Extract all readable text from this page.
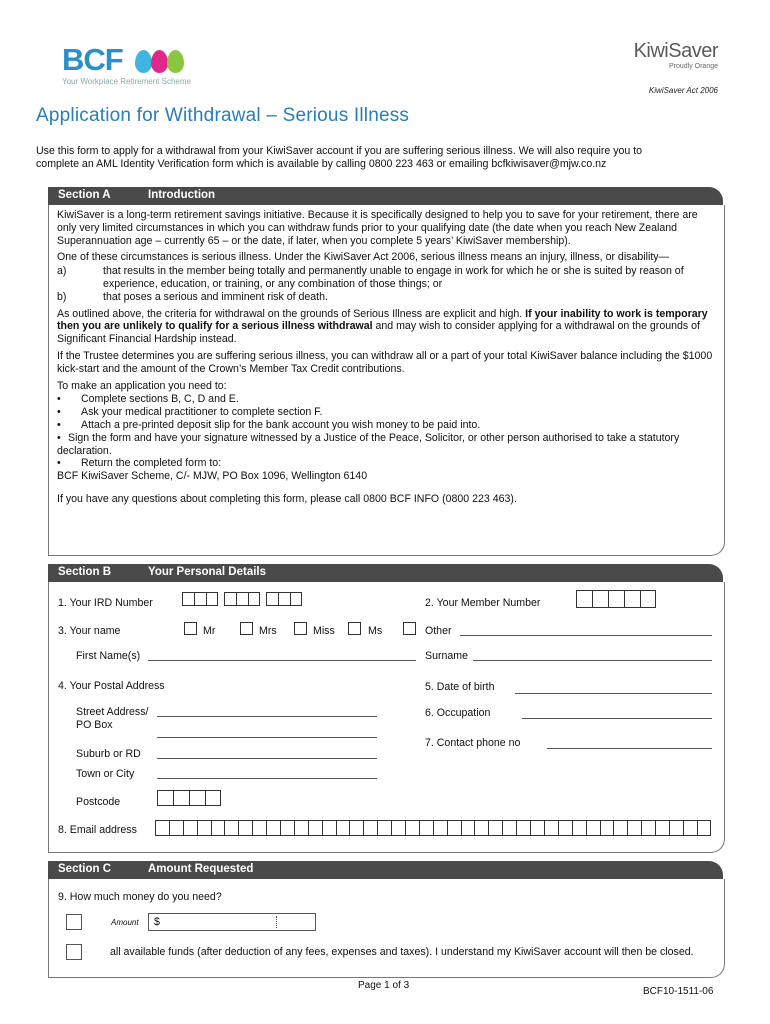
BCF
Your Workplace Retirement Scheme
KiwiSaver
Proudly Orange
KiwiSaver Act 2006
Application for Withdrawal – Serious Illness
Use this form to apply for a withdrawal from your KiwiSaver account if you are suffering serious illness. We will also require you to
complete an AML Identity Verification form which is available by calling 0800 223 463 or emailing bcfkiwisaver@mjw.co.nz
Section A	Introduction

KiwiSaver is a long-term retirement savings initiative. Because it is specifically designed to help you to save for your retirement, there are only very limited circumstances in which you can withdraw funds prior to your qualifying date (the date when you reach New Zealand Superannuation age – currently 65 – or the date, if later, when you complete 5 years’ KiwiSaver membership).

One of these circumstances is serious illness. Under the KiwiSaver Act 2006, serious illness means an injury, illness, or disability—

a)	that results in the member being totally and permanently unable to engage in work for which he or she is suited by reason of experience, education, or training, or any combination of those things; or
b)	that poses a serious and imminent risk of death.

As outlined above, the criteria for withdrawal on the grounds of Serious Illness are explicit and high. If your inability to work is temporary then you are unlikely to qualify for a serious illness withdrawal and may wish to consider applying for a withdrawal on the grounds of Significant Financial Hardship instead.

If the Trustee determines you are suffering serious illness, you can withdraw all or a part of your total KiwiSaver balance including the $1000 kick-start and the amount of the Crown’s Member Tax Credit contributions.

To make an application you need to:

•	Complete sections B, C, D and E.
•	Ask your medical practitioner to complete section F.
•	Attach a pre-printed deposit slip for the bank account you wish money to be paid into.
• Sign the form and have your signature witnessed by a Justice of the Peace, Solicitor, or other person authorised to take a statutory declaration.
•	Return the completed form to:
BCF KiwiSaver Scheme, C/- MJW, PO Box 1096, Wellington 6140
If you have any questions about completing this form, please call 0800 BCF INFO (0800 223 463).
Section B	Your Personal Details
1. Your IRD Number	2. Your Member Number
3. Your name	Mr	Mrs	Miss	Ms	Other
First Name(s)	Surname
4. Your Postal Address	5. Date of birth
Street Address/
PO Box
6. Occupation
7. Contact phone no
Suburb or RD
Town or City
Postcode
8. Email address
Section C	Amount Requested
9. How much money do you need?
Amount $
all available funds (after deduction of any fees, expenses and taxes). I understand my KiwiSaver account will then be closed.
Page 1 of 3
BCF10-1511-06
